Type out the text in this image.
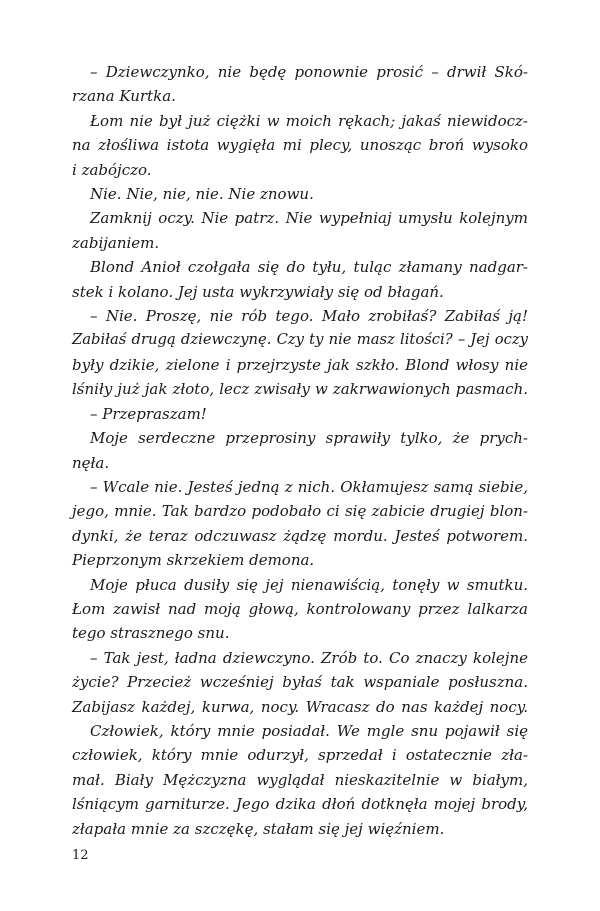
– Dziewczynko, nie będę ponownie prosić – drwił Skó-
rzana Kurtka.
Łom nie był już ciężki w moich rękach; jakaś niewidocz-
na złośliwa istota wygięła mi plecy, unosząc broń wysoko
i zabójczo.
Nie. Nie, nie, nie. Nie znowu.
Zamknij oczy. Nie patrz. Nie wypełniaj umysłu kolejnym
zabijaniem.
Blond Anioł czołgała się do tyłu, tuląc złamany nadgar-
stek i kolano. Jej usta wykrzywiały się od błagań.
– Nie. Proszę, nie rób tego. Mało zrobiłaś? Zabiłaś ją!
Zabiłaś drugą dziewczynę. Czy ty nie masz litości? – Jej oczy
były dzikie, zielone i przejrzyste jak szkło. Blond włosy nie
lśniły już jak złoto, lecz zwisały w zakrwawionych pasmach.
– Przepraszam!
Moje serdeczne przeprosiny sprawiły tylko, że prych-
nęła.
– Wcale nie. Jesteś jedną z nich. Okłamujesz samą siebie,
jego, mnie. Tak bardzo podobało ci się zabicie drugiej blon-
dynki, że teraz odczuwasz żądzę mordu. Jesteś potworem.
Pieprzonym skrzekiem demona.
Moje płuca dusiły się jej nienawiścią, tonęły w smutku.
Łom zawisł nad moją głową, kontrolowany przez lalkarza
tego strasznego snu.
– Tak jest, ładna dziewczyno. Zrób to. Co znaczy kolejne
życie? Przecież wcześniej byłaś tak wspaniale posłuszna.
Zabijasz każdej, kurwa, nocy. Wracasz do nas każdej nocy.
Człowiek, który mnie posiadał. We mgle snu pojawił się
człowiek, który mnie odurzył, sprzedał i ostatecznie złа-
mał. Biały Mężczyzna wyglądał nieskazitelnie w białym,
lśniącym garniturze. Jego dzika dłoń dotknęła mojej brody,
złapała mnie za szczękę, stałam się jej więźniem.
12
